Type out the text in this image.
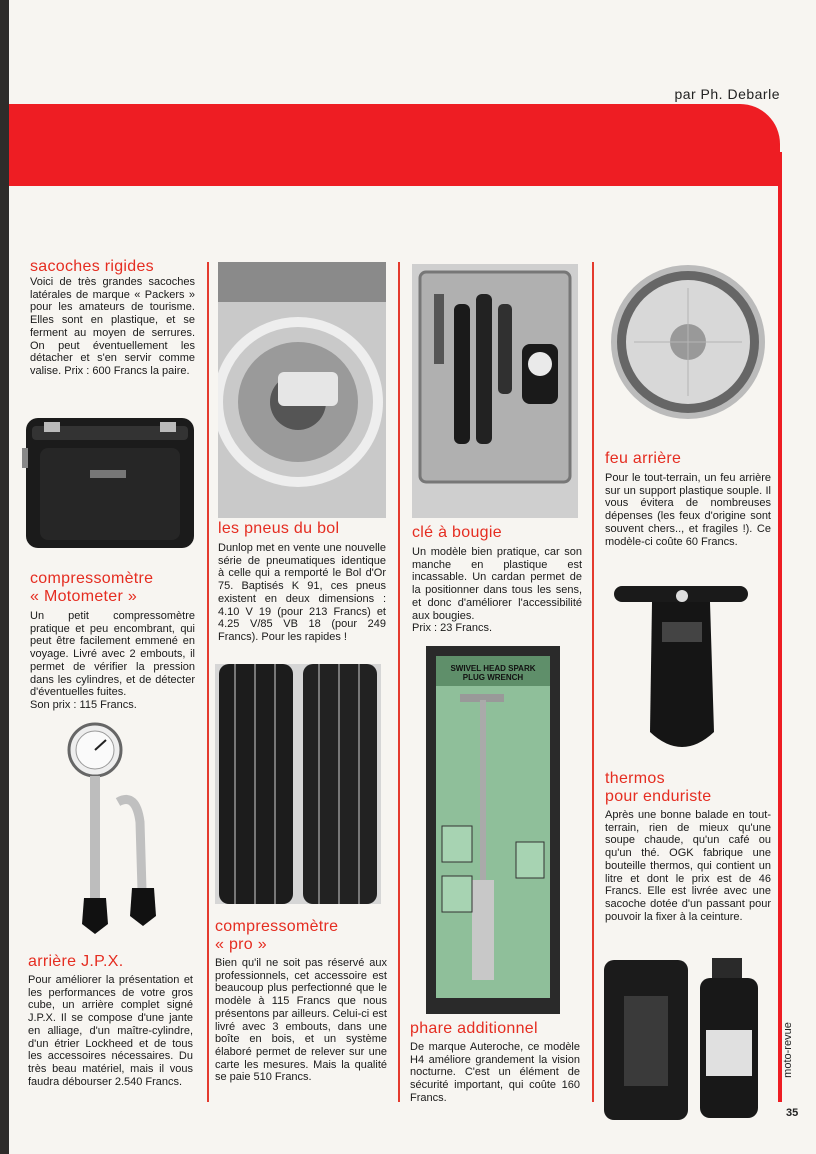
par Ph. Debarle
sacoches rigides

Voici de très grandes sacoches latérales de marque « Packers » pour les amateurs de tourisme. Elles sont en plastique, et se ferment au moyen de serrures. On peut éventuellement les détacher et s'en servir comme valise. Prix : 600 Francs la paire.

compressomètre
« Motometer »

Un petit compressomètre pratique et peu encombrant, qui peut être facilement emmené en voyage. Livré avec 2 embouts, il permet de vérifier la pression dans les cylindres, et de détecter d'éventuelles fuites.

Son prix : 115 Francs.

arrière J.P.X.

Pour améliorer la présentation et les performances de votre gros cube, un arrière complet signé J.P.X. Il se compose d'une jante en alliage, d'un maître-cylindre, d'un étrier Lockheed et de tous les accessoires nécessaires. Du très beau matériel, mais il vous faudra débourser 2.540 Francs.

les pneus du bol

Dunlop met en vente une nouvelle série de pneumatiques identique à celle qui a remporté le Bol d'Or 75. Baptisés K 91, ces pneus existent en deux dimensions : 4.10 V 19 (pour 213 Francs) et 4.25 V/85 VB 18 (pour 249 Francs). Pour les rapides !

compressomètre
« pro »

Bien qu'il ne soit pas réservé aux professionnels, cet accessoire est beaucoup plus perfectionné que le modèle à 115 Francs que nous présentons par ailleurs. Celui-ci est livré avec 3 embouts, dans une boîte en bois, et un système élaboré permet de relever sur une carte les mesures. Mais la qualité se paie 510 Francs.

clé à bougie

Un modèle bien pratique, car son manche en plastique est incassable. Un cardan permet de la positionner dans tous les sens, et donc d'améliorer l'accessibilité aux bougies.

Prix : 23 Francs.

SWIVEL HEAD SPARK
PLUG WRENCH
phare additionnel

De marque Auteroche, ce modèle H4 améliore grandement la vision nocturne. C'est un élément de sécurité important, qui coûte 160 Francs.

feu arrière

Pour le tout-terrain, un feu arrière sur un support plastique souple. Il vous évitera de nombreuses dépenses (les feux d'origine sont souvent chers.., et fragiles !). Ce modèle-ci coûte 60 Francs.

thermos
pour enduriste

Après une bonne balade en tout-terrain, rien de mieux qu'une soupe chaude, qu'un café ou qu'un thé. OGK fabrique une bouteille thermos, qui contient un litre et dont le prix est de 46 Francs. Elle est livrée avec une sacoche dotée d'un passant pour pouvoir la fixer à la ceinture.

moto-revue
35
